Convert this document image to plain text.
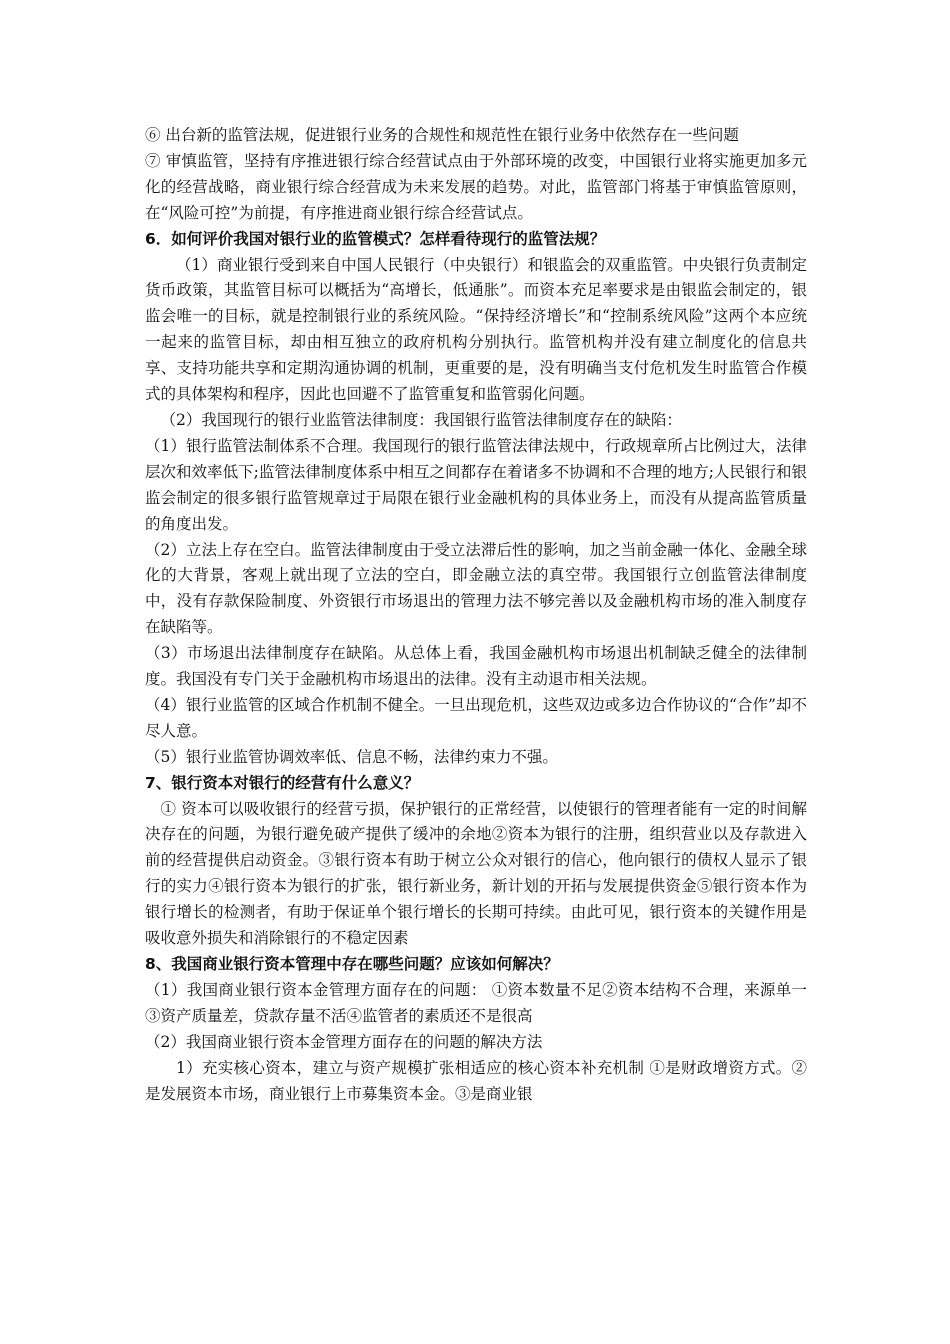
⑥ 出台新的监管法规，促进银行业务的合规性和规范性在银行业务中依然存在一些问题
⑦ 审慎监管，坚持有序推进银行综合经营试点由于外部环境的改变，中国银行业将实施更加多元化的经营战略，商业银行综合经营成为未来发展的趋势。对此，监管部门将基于审慎监管原则，在“风险可控”为前提，有序推进商业银行综合经营试点。
6．如何评价我国对银行业的监管模式？怎样看待现行的监管法规？
（1）商业银行受到来自中国人民银行（中央银行）和银监会的双重监管。中央银行负责制定货币政策，其监管目标可以概括为“高增长，低通胀”。而资本充足率要求是由银监会制定的，银监会唯一的目标，就是控制银行业的系统风险。“保持经济增长”和“控制系统风险”这两个本应统一起来的监管目标，却由相互独立的政府机构分别执行。监管机构并没有建立制度化的信息共享、支持功能共享和定期沟通协调的机制，更重要的是，没有明确当支付危机发生时监管合作模式的具体架构和程序，因此也回避不了监管重复和监管弱化问题。
（2）我国现行的银行业监管法律制度：我国银行监管法律制度存在的缺陷：
（1）银行监管法制体系不合理。我国现行的银行监管法律法规中，行政规章所占比例过大，法律层次和效率低下;监管法律制度体系中相互之间都存在着诸多不协调和不合理的地方;人民银行和银监会制定的很多银行监管规章过于局限在银行业金融机构的具体业务上，而没有从提高监管质量的角度出发。
（2）立法上存在空白。监管法律制度由于受立法滞后性的影响，加之当前金融一体化、金融全球化的大背景，客观上就出现了立法的空白，即金融立法的真空带。我国银行立创监管法律制度中，没有存款保险制度、外资银行市场退出的管理力法不够完善以及金融机构市场的准入制度存在缺陷等。
（3）市场退出法律制度存在缺陷。从总体上看，我国金融机构市场退出机制缺乏健全的法律制度。我国没有专门关于金融机构市场退出的法律。没有主动退市相关法规。
（4）银行业监管的区域合作机制不健全。一旦出现危机，这些双边或多边合作协议的“合作”却不尽人意。
（5）银行业监管协调效率低、信息不畅，法律约束力不强。
7、银行资本对银行的经营有什么意义？
① 资本可以吸收银行的经营亏损，保护银行的正常经营，以使银行的管理者能有一定的时间解决存在的问题，为银行避免破产提供了缓冲的余地②资本为银行的注册，组织营业以及存款进入前的经营提供启动资金。③银行资本有助于树立公众对银行的信心，他向银行的债权人显示了银行的实力④银行资本为银行的扩张，银行新业务，新计划的开拓与发展提供资金⑤银行资本作为银行增长的检测者，有助于保证单个银行增长的长期可持续。由此可见，银行资本的关键作用是吸收意外损失和消除银行的不稳定因素
8、我国商业银行资本管理中存在哪些问题？应该如何解决？
（1）我国商业银行资本金管理方面存在的问题： ①资本数量不足②资本结构不合理，来源单一③资产质量差，贷款存量不活④监管者的素质还不是很高
（2）我国商业银行资本金管理方面存在的问题的解决方法
1）充实核心资本，建立与资产规模扩张相适应的核心资本补充机制 ①是财政增资方式。②是发展资本市场，商业银行上市募集资本金。③是商业银
